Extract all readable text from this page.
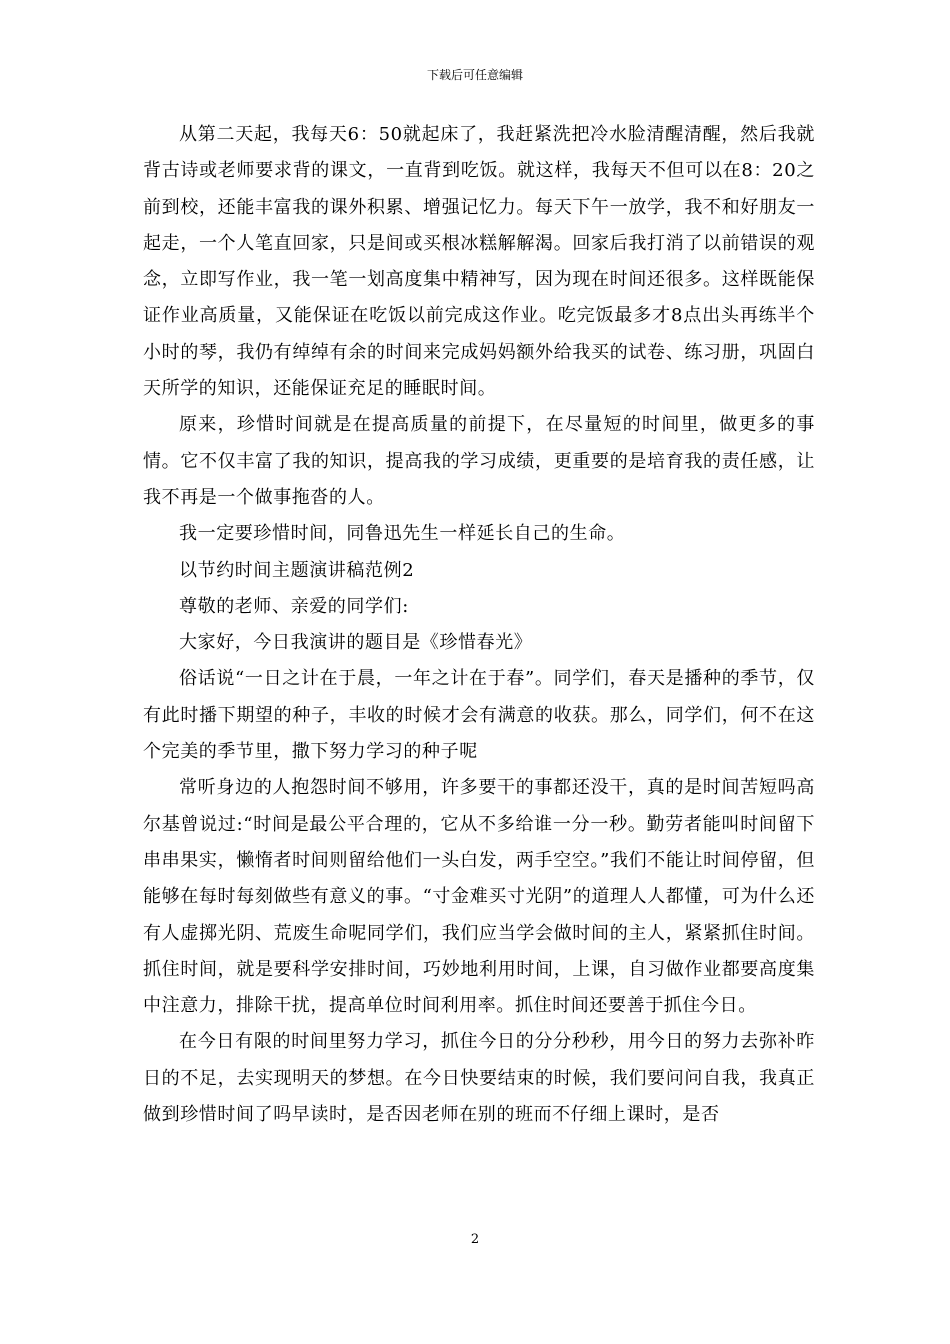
下载后可任意编辑

从第二天起，我每天6：50就起床了，我赶紧洗把冷水脸清醒清醒，然后我就背古诗或老师要求背的课文，一直背到吃饭。就这样，我每天不但可以在8：20之前到校，还能丰富我的课外积累、增强记忆力。每天下午一放学，我不和好朋友一起走，一个人笔直回家，只是间或买根冰糕解解渴。回家后我打消了以前错误的观念，立即写作业，我一笔一划高度集中精神写，因为现在时间还很多。这样既能保证作业高质量，又能保证在吃饭以前完成这作业。吃完饭最多才8点出头再练半个小时的琴，我仍有绰绰有余的时间来完成妈妈额外给我买的试卷、练习册，巩固白天所学的知识，还能保证充足的睡眠时间。

原来，珍惜时间就是在提高质量的前提下，在尽量短的时间里，做更多的事情。它不仅丰富了我的知识，提高我的学习成绩，更重要的是培育我的责任感，让我不再是一个做事拖沓的人。

我一定要珍惜时间，同鲁迅先生一样延长自己的生命。

以节约时间主题演讲稿范例2

尊敬的老师、亲爱的同学们:

大家好，今日我演讲的题目是《珍惜春光》

俗话说“一日之计在于晨，一年之计在于春”。同学们，春天是播种的季节，仅有此时播下期望的种子，丰收的时候才会有满意的收获。那么，同学们，何不在这个完美的季节里，撒下努力学习的种子呢

常听身边的人抱怨时间不够用，许多要干的事都还没干，真的是时间苦短吗高尔基曾说过:“时间是最公平合理的，它从不多给谁一分一秒。勤劳者能叫时间留下串串果实，懒惰者时间则留给他们一头白发，两手空空。”我们不能让时间停留，但能够在每时每刻做些有意义的事。“寸金难买寸光阴”的道理人人都懂，可为什么还有人虚掷光阴、荒废生命呢同学们，我们应当学会做时间的主人，紧紧抓住时间。抓住时间，就是要科学安排时间，巧妙地利用时间，上课，自习做作业都要高度集中注意力，排除干扰，提高单位时间利用率。抓住时间还要善于抓住今日。

在今日有限的时间里努力学习，抓住今日的分分秒秒，用今日的努力去弥补昨日的不足，去实现明天的梦想。在今日快要结束的时候，我们要问问自我，我真正做到珍惜时间了吗早读时，是否因老师在别的班而不仔细上课时，是否

2
